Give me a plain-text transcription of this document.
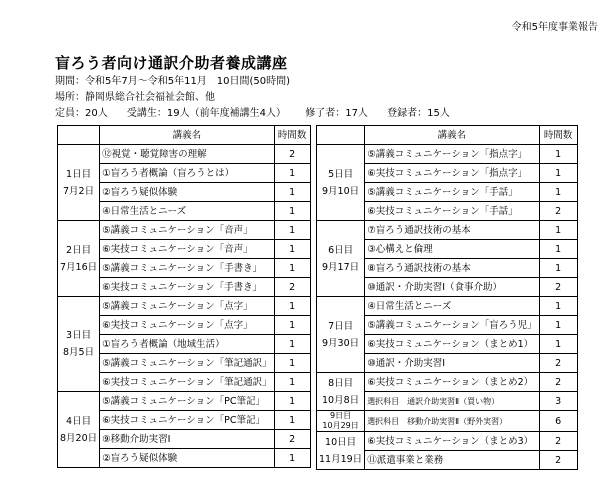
令和5年度事業報告
盲ろう者向け通訳介助者養成講座
期間：令和5年7月～令和5年11月　10日間(50時間)
場所：静岡県総合社会福祉会館、他
定員：20人 受講生：19人（前年度補講生4人） 修了者：17人 登録者：15人
	講義名	時間数

1日目
7月2日	⑫視覚・聴覚障害の理解	2
	①盲ろう者概論（盲ろうとは）	1
	②盲ろう疑似体験	1
	④日常生活とニーズ	1

2日目
7月16日	⑤講義コミュニケーション「音声」	1
	⑥実技コミュニケーション「音声」	1
	⑤講義コミュニケーション「手書き」	1
	⑥実技コミュニケーション「手書き」	2

3日目
8月5日	⑤講義コミュニケーション「点字」	1
	⑥実技コミュニケーション「点字」	1
	①盲ろう者概論（地域生活）	1
	⑤講義コミュニケーション「筆記通訳」	1
	⑥実技コミュニケーション「筆記通訳」	1

4日目
8月20日	⑤講義コミュニケーション「PC筆記」	1
	⑥実技コミュニケーション「PC筆記」	1
	⑨移動介助実習Ⅰ	2
	②盲ろう疑似体験	1
	講義名	時間数

5日目
9月10日	⑤講義コミュニケーション「指点字」	1
	⑥実技コミュニケーション「指点字」	1
	⑤講義コミュニケーション「手話」	1
	⑥実技コミュニケーション「手話」	2

6日目
9月17日	⑦盲ろう通訳技術の基本	1
	③心構えと倫理	1
	⑧盲ろう通訳技術の基本	1
	⑩通訳・介助実習Ⅰ（食事介助）	2

7日目
9月30日	④日常生活とニーズ	1
	⑤講義コミュニケーション「盲ろう児」	1
	⑥実技コミュニケーション（まとめ1）	1
	⑩通訳・介助実習Ⅰ	2

8日目
10月8日	⑥実技コミュニケーション（まとめ2）	2
	選択科目　通訳介助実習Ⅱ（買い物）	3

9日目
10月29日	選択科目　移動介助実習Ⅱ（野外実習）	6

10日目
11月19日	⑥実技コミュニケーション（まとめ3）	2
	⑪派遣事業と業務	2
